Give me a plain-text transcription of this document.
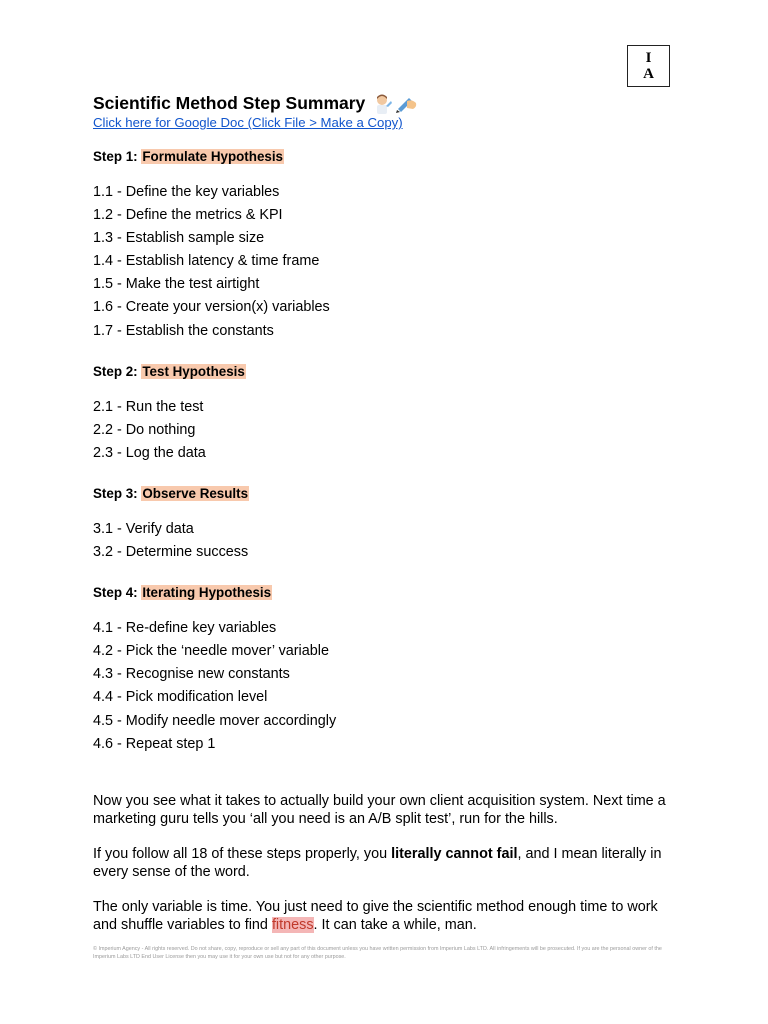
I
A
Scientific Method Step Summary
Click here for Google Doc (Click File > Make a Copy)
Step 1: Formulate Hypothesis
1.1 - Define the key variables
1.2 - Define the metrics & KPI
1.3 - Establish sample size
1.4 - Establish latency & time frame
1.5 - Make the test airtight
1.6 - Create your version(x) variables
1.7 - Establish the constants
Step 2: Test Hypothesis
2.1 - Run the test
2.2 - Do nothing
2.3 - Log the data
Step 3: Observe Results
3.1 - Verify data
3.2 - Determine success
Step 4: Iterating Hypothesis
4.1 - Re-define key variables
4.2 - Pick the ‘needle mover’ variable
4.3 - Recognise new constants
4.4 - Pick modification level
4.5 - Modify needle mover accordingly
4.6 - Repeat step 1

Now you see what it takes to actually build your own client acquisition system. Next time a marketing guru tells you ‘all you need is an A/B split test’, run for the hills.

If you follow all 18 of these steps properly, you literally cannot fail, and I mean literally in every sense of the word.

The only variable is time. You just need to give the scientific method enough time to work and shuffle variables to find fitness. It can take a while, man.

© Imperium Agency - All rights reserved. Do not share, copy, reproduce or sell any part of this document unless you have written permission from Imperium Labs LTD. All infringements will be prosecuted. If you are the personal owner of the Imperium Labs LTD End User License then you may use it for your own use but not for any other purpose.
